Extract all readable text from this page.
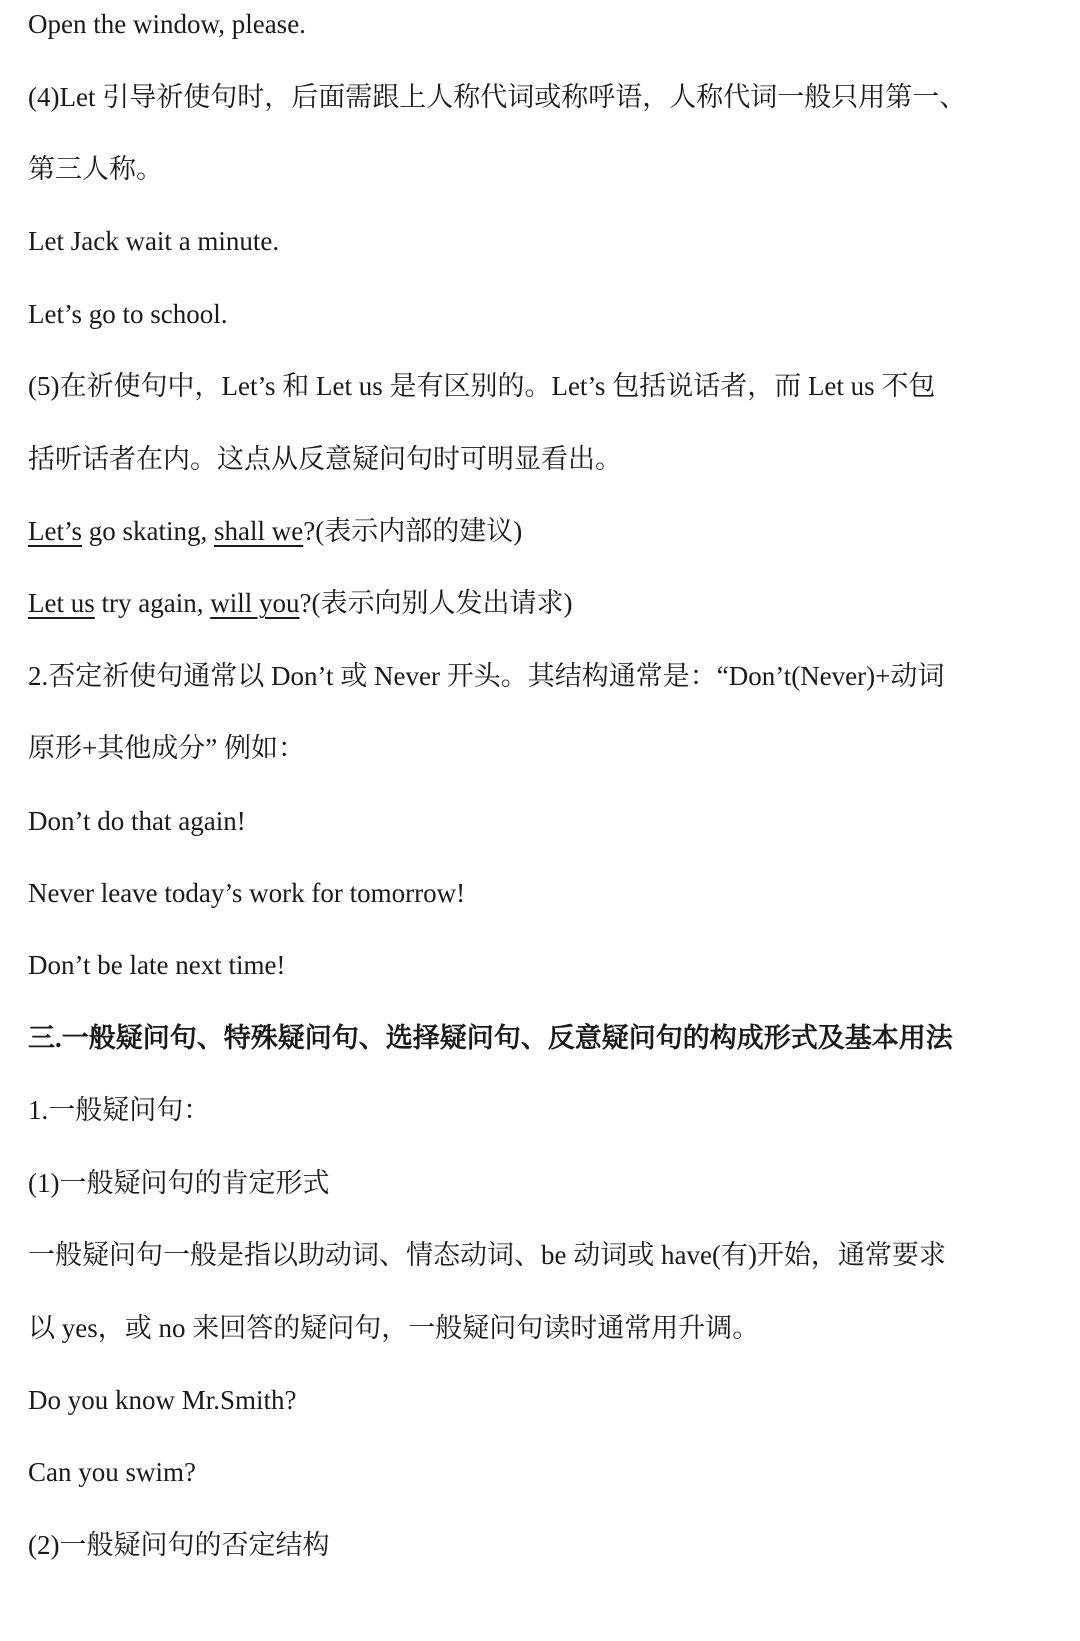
Open the window, please.
(4)Let 引导祈使句时，后面需跟上人称代词或称呼语，人称代词一般只用第一、
第三人称。
Let Jack wait a minute.
Let’s go to school.
(5)在祈使句中，Let’s 和 Let us 是有区别的。Let’s 包括说话者，而 Let us 不包
括听话者在内。这点从反意疑问句时可明显看出。
Let’s go skating, shall we?(表示内部的建议)
Let us try again, will you?(表示向别人发出请求)
2.否定祈使句通常以 Don’t 或 Never 开头。其结构通常是：“Don’t(Never)+动词
原形+其他成分” 例如：
Don’t do that again!
Never leave today’s work for tomorrow!
Don’t be late next time!
三.一般疑问句、特殊疑问句、选择疑问句、反意疑问句的构成形式及基本用法
1.一般疑问句：
(1)一般疑问句的肯定形式
一般疑问句一般是指以助动词、情态动词、be 动词或 have(有)开始，通常要求
以 yes，或 no 来回答的疑问句，一般疑问句读时通常用升调。
Do you know Mr.Smith?
Can you swim?
(2)一般疑问句的否定结构
